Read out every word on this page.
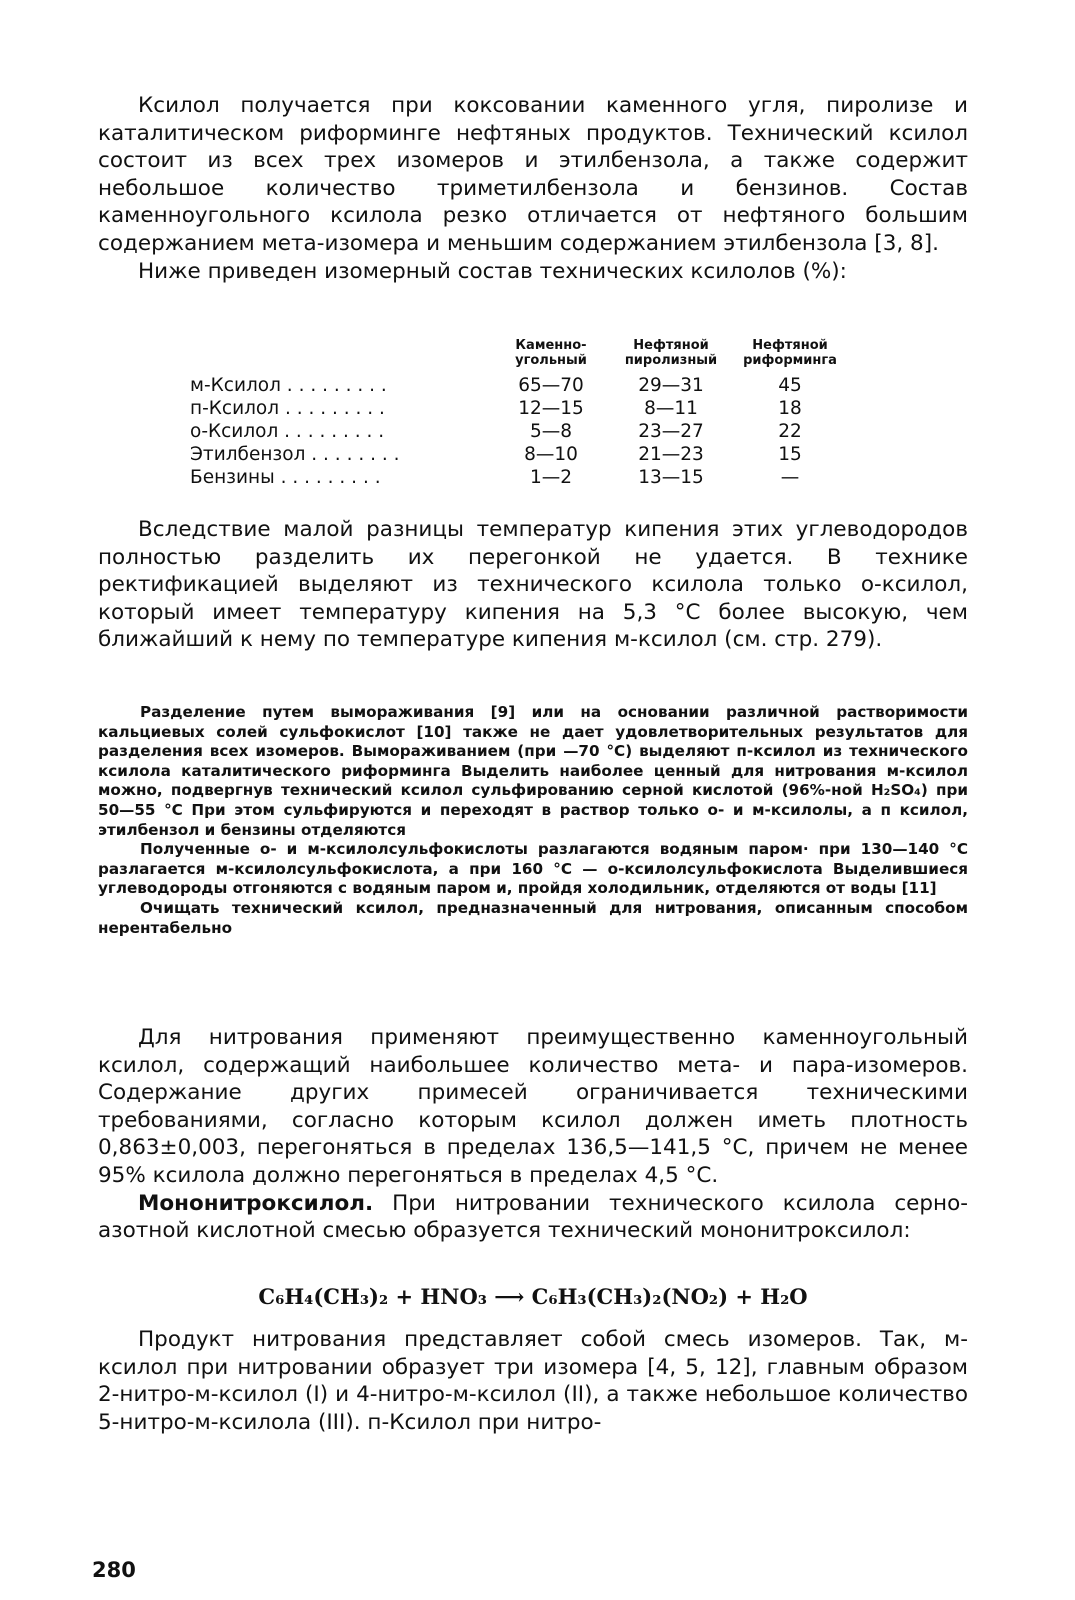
Ксилол получается при коксовании каменного угля, пиролизе и каталитическом риформинге нефтяных продуктов. Технический ксилол состоит из всех трех изомеров и этилбензола, а также содержит небольшое количество триметилбензола и бензинов. Состав каменноугольного ксилола резко отличается от нефтяного большим содержанием мета-изомера и меньшим содержанием этилбензола [3, 8].

Ниже приведен изомерный состав технических ксилолов (%):

	Каменно-угольный	Нефтяной пиролизный	Нефтяной риформинга
м-Ксилол . . . . . . . . .	65—70	29—31	45
п-Ксилол . . . . . . . . .	12—15	8—11	18
о-Ксилол . . . . . . . . .	5—8	23—27	22
Этилбензол . . . . . . . .	8—10	21—23	15
Бензины . . . . . . . . .	1—2	13—15	—

Вследствие малой разницы температур кипения этих углеводородов полностью разделить их перегонкой не удается. В технике ректификацией выделяют из технического ксилола только о-ксилол, который имеет температуру кипения на 5,3 °С более высокую, чем ближайший к нему по температуре кипения м-ксилол (см. стр. 279).

Разделение путем вымораживания [9] или на основании различной растворимости кальциевых солей сульфокислот [10] также не дает удовлетворительных результатов для разделения всех изомеров. Вымораживанием (при —70 °С) выделяют п-ксилол из технического ксилола каталитического риформинга Выделить наиболее ценный для нитрования м-ксилол можно, подвергнув технический ксилол сульфированию серной кислотой (96%-ной H₂SO₄) при 50—55 °С При этом сульфируются и переходят в раствор только о- и м-ксилолы, а п ксилол, этилбензол и бензины отделяются

Полученные о- и м-ксилолсульфокислоты разлагаются водяным паром· при 130—140 °С разлагается м-ксилолсульфокислота, а при 160 °С — о-ксилолсульфокислота Выделившиеся углеводороды отгоняются с водяным паром и, пройдя холодильник, отделяются от воды [11]

Очищать технический ксилол, предназначенный для нитрования, описанным способом нерентабельно

Для нитрования применяют преимущественно каменноугольный ксилол, содержащий наибольшее количество мета- и пара-изомеров. Содержание других примесей ограничивается техническими требованиями, согласно которым ксилол должен иметь плотность 0,863±0,003, перегоняться в пределах 136,5—141,5 °С, причем не менее 95% ксилола должно перегоняться в пределах 4,5 °С.

Мононитроксилол. При нитровании технического ксилола серно-азотной кислотной смесью образуется технический мононитроксилол:

C₆H₄(CH₃)₂ + HNO₃ ⟶ C₆H₃(CH₃)₂(NO₂) + H₂O

Продукт нитрования представляет собой смесь изомеров. Так, м-ксилол при нитровании образует три изомера [4, 5, 12], главным образом 2-нитро-м-ксилол (I) и 4-нитро-м-ксилол (II), а также небольшое количество 5-нитро-м-ксилола (III). п-Ксилол при нитро-

280
